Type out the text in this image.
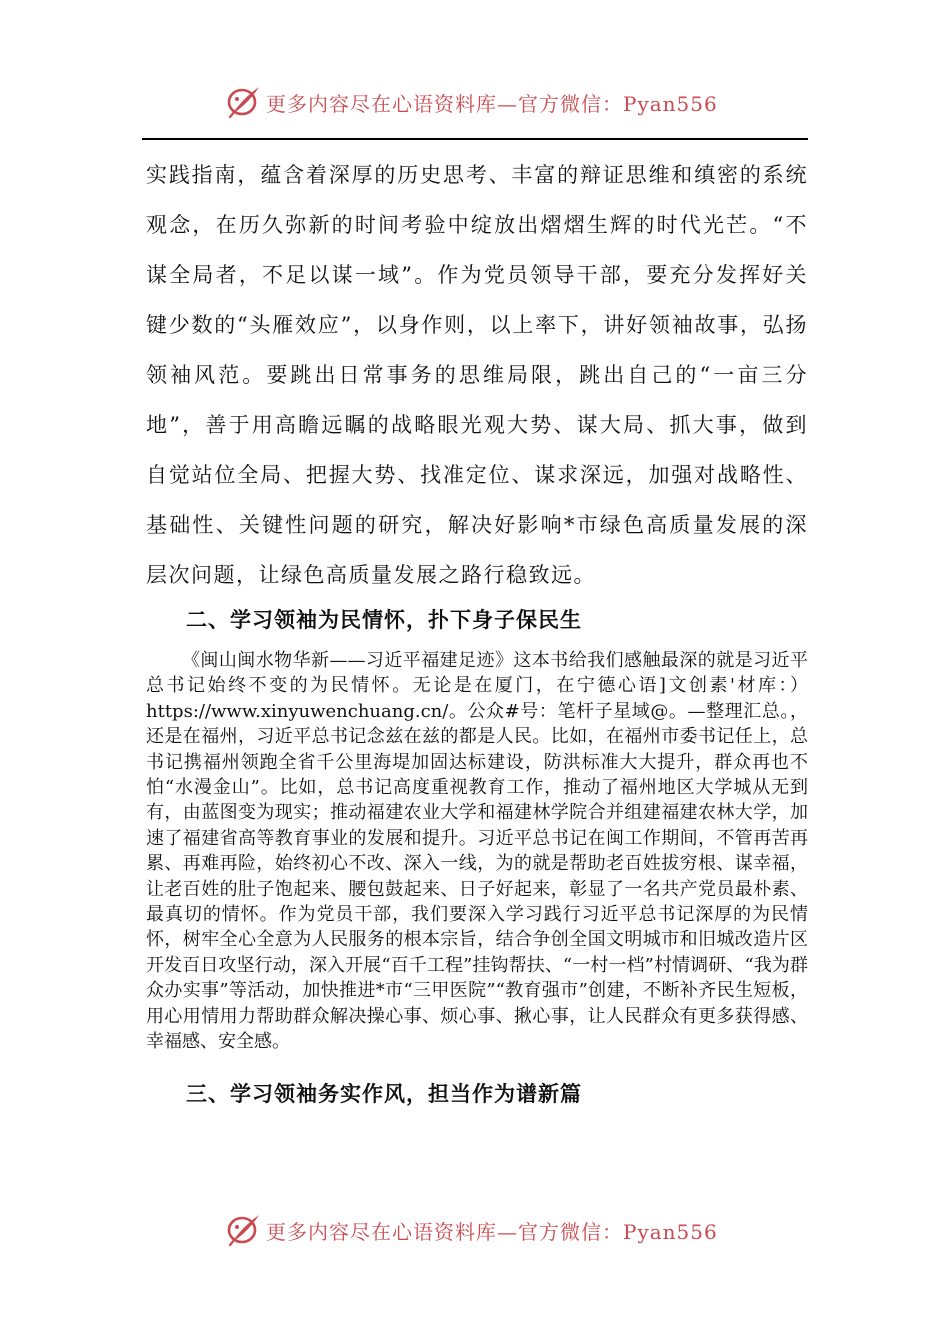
更多内容尽在心语资料库—官方微信：Pyan556

实践指南，蕴含着深厚的历史思考、丰富的辩证思维和缜密的系统观念，在历久弥新的时间考验中绽放出熠熠生辉的时代光芒。“不谋全局者，不足以谋一域”。作为党员领导干部，要充分发挥好关键少数的“头雁效应”，以身作则，以上率下，讲好领袖故事，弘扬领袖风范。要跳出日常事务的思维局限，跳出自己的“一亩三分地”，善于用高瞻远瞩的战略眼光观大势、谋大局、抓大事，做到自觉站位全局、把握大势、找准定位、谋求深远，加强对战略性、基础性、关键性问题的研究，解决好影响*市绿色高质量发展的深层次问题，让绿色高质量发展之路行稳致远。

二、学习领袖为民情怀，扑下身子保民生

《闽山闽水物华新——习近平福建足迹》这本书给我们感触最深的就是习近平总书记始终不变的为民情怀。无论是在厦门，在宁德心语]文创素'材库：）https://www.xinyuwenchuang.cn/。公众#号：笔杆子星域@。—整理汇总。，还是在福州，习近平总书记念兹在兹的都是人民。比如，在福州市委书记任上，总书记携福州领跑全省千公里海堤加固达标建设，防洪标准大大提升，群众再也不怕“水漫金山”。比如，总书记高度重视教育工作，推动了福州地区大学城从无到有，由蓝图变为现实；推动福建农业大学和福建林学院合并组建福建农林大学，加速了福建省高等教育事业的发展和提升。习近平总书记在闽工作期间，不管再苦再累、再难再险，始终初心不改、深入一线，为的就是帮助老百姓拔穷根、谋幸福，让老百姓的肚子饱起来、腰包鼓起来、日子好起来，彰显了一名共产党员最朴素、最真切的情怀。作为党员干部，我们要深入学习践行习近平总书记深厚的为民情怀，树牢全心全意为人民服务的根本宗旨，结合争创全国文明城市和旧城改造片区开发百日攻坚行动，深入开展“百千工程”挂钩帮扶、“一村一档”村情调研、“我为群众办实事”等活动，加快推进*市“三甲医院”“教育强市”创建，不断补齐民生短板，用心用情用力帮助群众解决操心事、烦心事、揪心事，让人民群众有更多获得感、幸福感、安全感。

三、学习领袖务实作风，担当作为谱新篇
更多内容尽在心语资料库—官方微信：Pyan556
